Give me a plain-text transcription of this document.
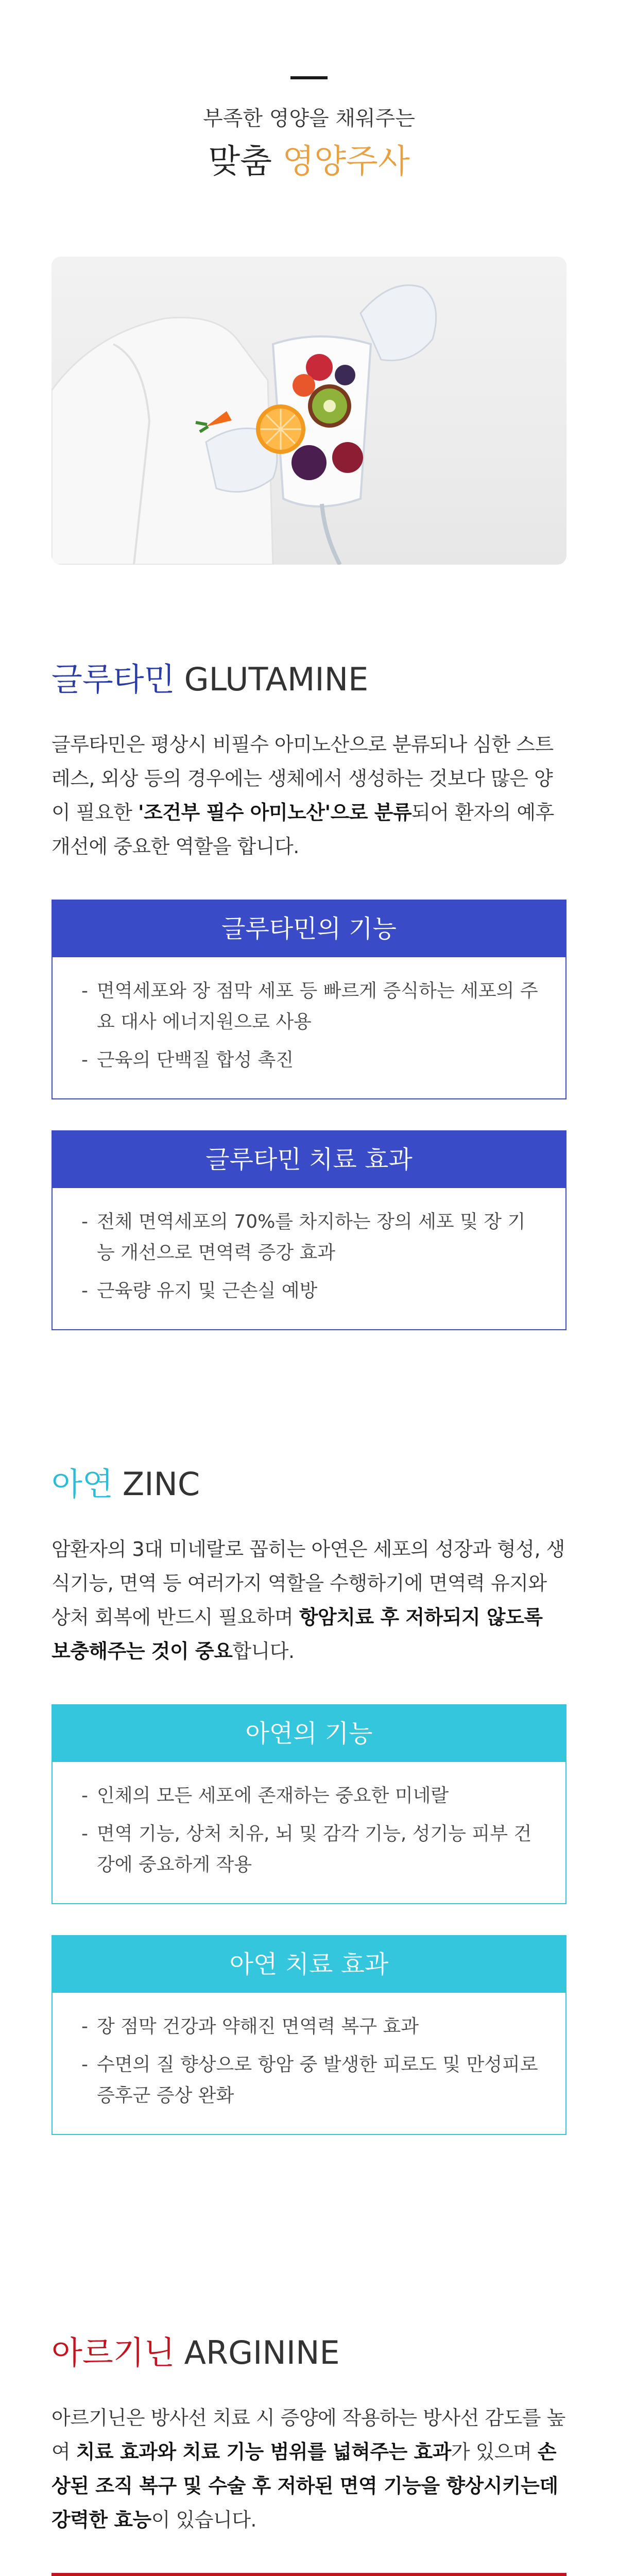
부족한 영양을 채워주는
맞춤 영양주사
글루타민 GLUTAMINE

글루타민은 평상시 비필수 아미노산으로 분류되나 심한 스트레스, 외상 등의 경우에는 생체에서 생성하는 것보다 많은 양이 필요한 '조건부 필수 아미노산'으로 분류되어 환자의 예후 개선에 중요한 역할을 합니다.

글루타민의 기능
- 면역세포와 장 점막 세포 등 빠르게 증식하는 세포의 주요 대사 에너지원으로 사용
- 근육의 단백질 합성 촉진
글루타민 치료 효과
- 전체 면역세포의 70%를 차지하는 장의 세포 및 장 기능 개선으로 면역력 증강 효과
- 근육량 유지 및 근손실 예방
아연 ZINC

암환자의 3대 미네랄로 꼽히는 아연은 세포의 성장과 형성, 생식기능, 면역 등 여러가지 역할을 수행하기에 면역력 유지와 상처 회복에 반드시 필요하며 항암치료 후 저하되지 않도록 보충해주는 것이 중요합니다.

아연의 기능
- 인체의 모든 세포에 존재하는 중요한 미네랄
- 면역 기능, 상처 치유, 뇌 및 감각 기능, 성기능 피부 건강에 중요하게 작용
아연 치료 효과
- 장 점막 건강과 약해진 면역력 복구 효과
- 수면의 질 향상으로 항암 중 발생한 피로도 및 만성피로 증후군 증상 완화
아르기닌 ARGININE

아르기닌은 방사선 치료 시 증양에 작용하는 방사선 감도를 높여 치료 효과와 치료 기능 범위를 넓혀주는 효과가 있으며 손상된 조직 복구 및 수술 후 저하된 면역 기능을 향상시키는데 강력한 효능이 있습니다.
